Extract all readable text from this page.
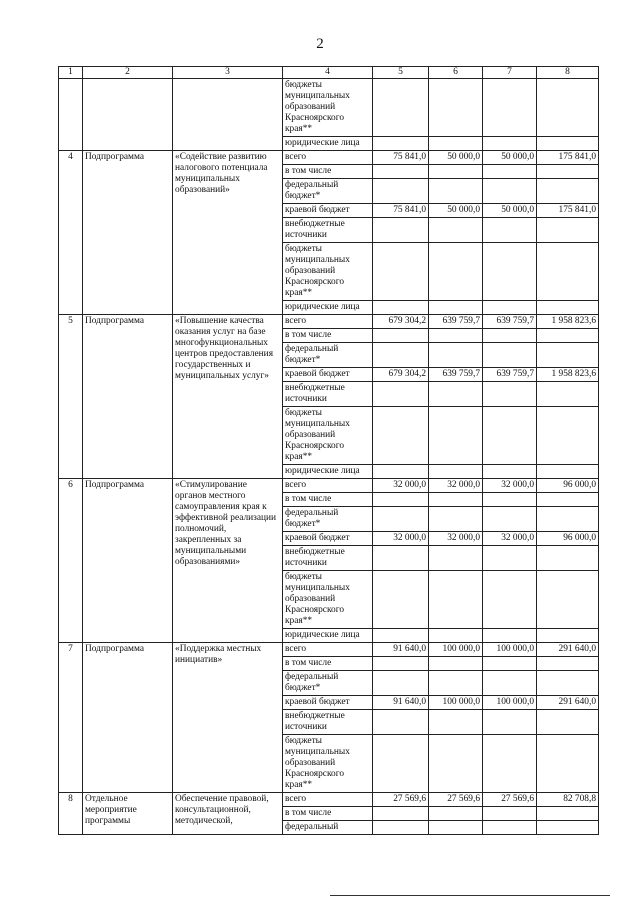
2
1	2	3	4	5	6	7	8
			бюджеты муниципальных образований Красноярского края**				
			юридические лица				
4	Подпрограмма	«Содействие развитию налогового потенциала муниципальных образований»	всего	75 841,0	50 000,0	50 000,0	175 841,0
			в том числе				
			федеральный бюджет*				
			краевой бюджет	75 841,0	50 000,0	50 000,0	175 841,0
			внебюджетные источники				
			бюджеты муниципальных образований Красноярского края**				
			юридические лица				
5	Подпрограмма	«Повышение качества оказания услуг на базе многофункциональных центров предоставления государственных и муниципальных услуг»	всего	679 304,2	639 759,7	639 759,7	1 958 823,6
			в том числе				
			федеральный бюджет*				
			краевой бюджет	679 304,2	639 759,7	639 759,7	1 958 823,6
			внебюджетные источники				
			бюджеты муниципальных образований Красноярского края**				
			юридические лица				
6	Подпрограмма	«Стимулирование органов местного самоуправления края к эффективной реализации полномочий, закрепленных за муниципальными образованиями»	всего	32 000,0	32 000,0	32 000,0	96 000,0
			в том числе				
			федеральный бюджет*				
			краевой бюджет	32 000,0	32 000,0	32 000,0	96 000,0
			внебюджетные источники				
			бюджеты муниципальных образований Красноярского края**				
			юридические лица				
7	Подпрограмма	«Поддержка местных инициатив»	всего	91 640,0	100 000,0	100 000,0	291 640,0
			в том числе				
			федеральный бюджет*				
			краевой бюджет	91 640,0	100 000,0	100 000,0	291 640,0
			внебюджетные источники				
			бюджеты муниципальных образований Красноярского края**				
8	Отдельное мероприятие программы	Обеспечение правовой, консультационной, методической,	всего	27 569,6	27 569,6	27 569,6	82 708,8
			в том числе				
			федеральный				
